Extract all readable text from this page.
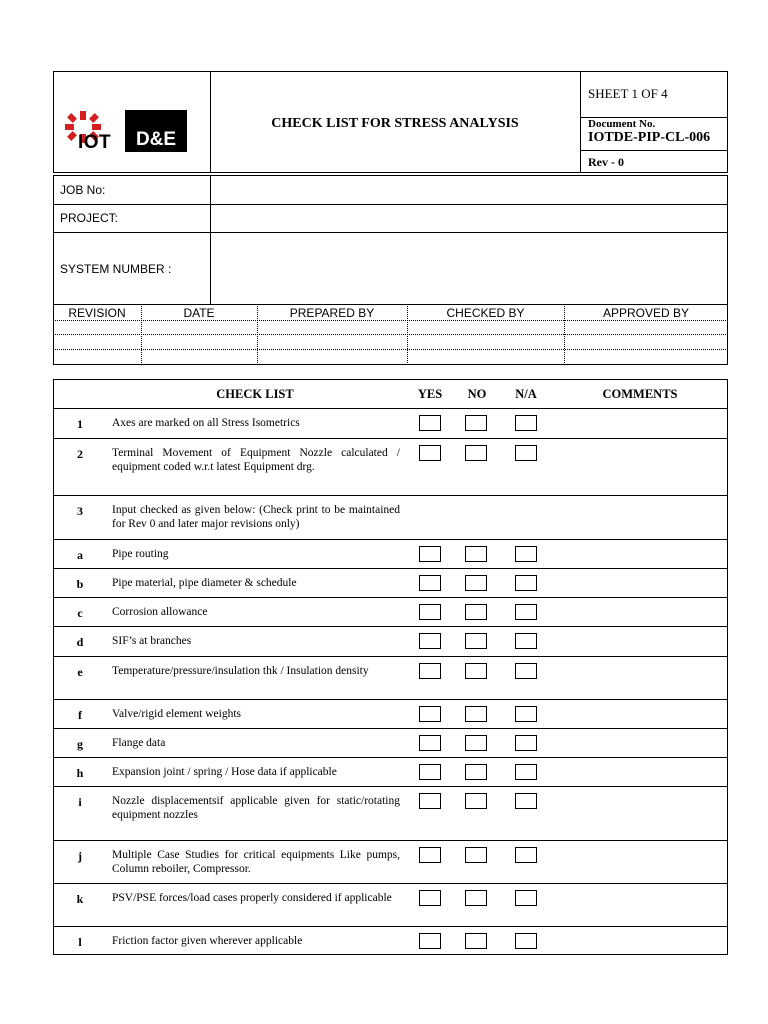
IOT D&E
CHECK LIST FOR STRESS ANALYSIS
SHEET 1 OF 4
Document No.
IOTDE-PIP-CL-006
Rev - 0
JOB No:
PROJECT:
SYSTEM NUMBER :
REVISION	DATE	PREPARED BY	CHECKED BY	APPROVED BY
CHECK LIST	YES	NO	N/A	COMMENTS
1	Axes are marked on all Stress Isometrics
2	Terminal Movement of Equipment Nozzle calculated / equipment coded w.r.t latest Equipment drg.
3	Input checked as given below: (Check print to be maintained for Rev 0 and later major revisions only)
a	Pipe routing
b	Pipe material, pipe diameter & schedule
c	Corrosion allowance
d	SIF’s at branches
e	Temperature/pressure/insulation thk / Insulation density
f	Valve/rigid element weights
g	Flange data
h	Expansion joint / spring / Hose data if applicable
i	Nozzle displacementsif applicable given for static/rotating equipment nozzles
j	Multiple Case Studies for critical equipments Like pumps, Column reboiler, Compressor.
k	PSV/PSE forces/load cases properly considered if applicable
l	Friction factor given wherever applicable
